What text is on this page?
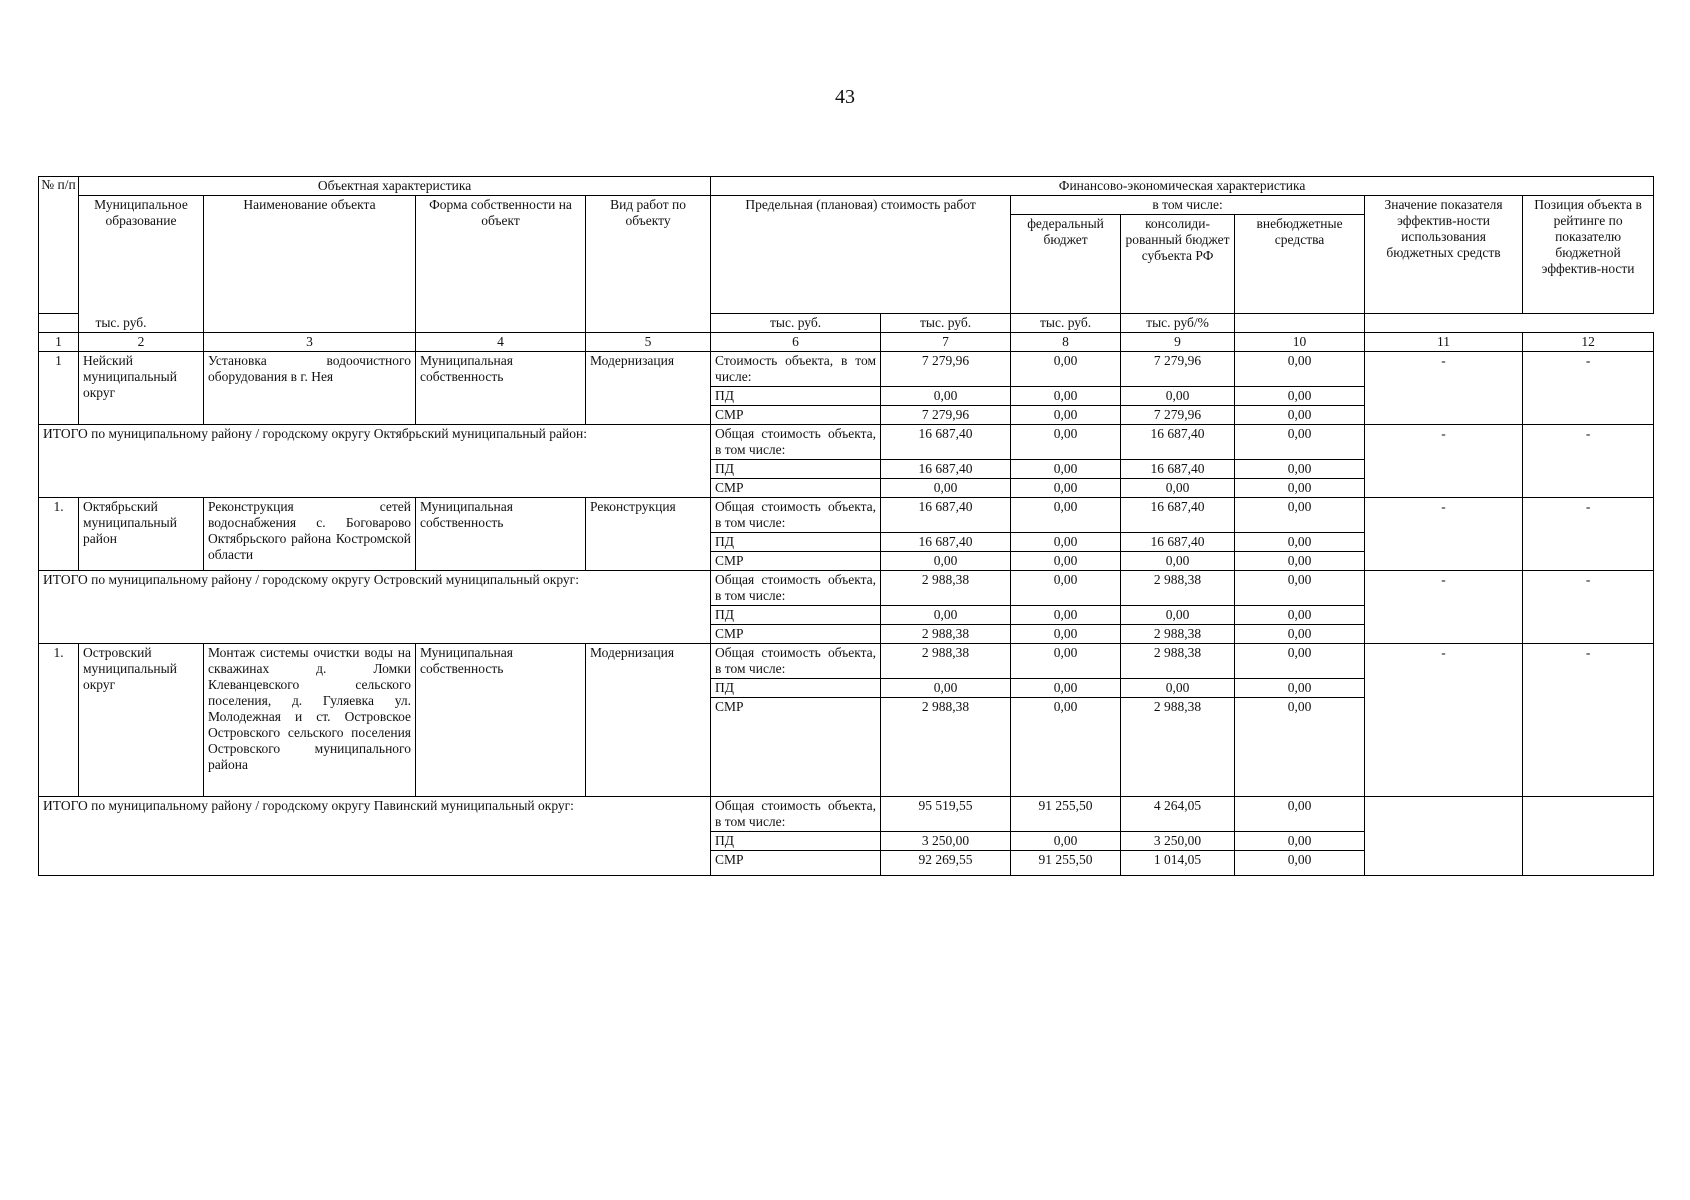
43
№ п/п	Объектная характеристика				Финансово-экономическая характеристика						
	Муниципальное образование	Наименование объекта	Форма собственности на объект	Вид работ по объекту	Предельная (плановая) стоимость работ		в том числе:			Значение показателя эффектив-ности использования бюджетных средств	Позиция объекта в рейтинге по показателю бюджетной эффектив-ности
							федеральный бюджет	консолиди-рованный бюджет субъекта РФ	внебюджетные средства		
тыс. руб.					тыс. руб.	тыс. руб.	тыс. руб.	тыс. руб/%			
1	2	3	4	5	6	7	8	9	10	11	12
1	Нейский муниципальный округ	Установка водоочистного оборудования в г. Нея	Муниципальная собственность	Модернизация	Стоимость объекта, в том числе:	7 279,96	0,00	7 279,96	0,00	-	-
					ПД	0,00	0,00	0,00	0,00		
					СМР	7 279,96	0,00	7 279,96	0,00		
ИТОГО по муниципальному району / городскому округу Октябрьский муниципальный район:					Общая стоимость объекта, в том числе:	16 687,40	0,00	16 687,40	0,00	-	-
					ПД	16 687,40	0,00	16 687,40	0,00		
					СМР	0,00	0,00	0,00	0,00		
1.	Октябрьский муниципальный район	Реконструкция сетей водоснабжения с. Боговарово Октябрьского района Костромской области	Муниципальная собственность	Реконструкция	Общая стоимость объекта, в том числе:	16 687,40	0,00	16 687,40	0,00	-	-
					ПД	16 687,40	0,00	16 687,40	0,00		
					СМР	0,00	0,00	0,00	0,00		
ИТОГО по муниципальному району / городскому округу Островский муниципальный округ:					Общая стоимость объекта, в том числе:	2 988,38	0,00	2 988,38	0,00	-	-
					ПД	0,00	0,00	0,00	0,00		
					СМР	2 988,38	0,00	2 988,38	0,00		
1.	Островский муниципальный округ	Монтаж системы очистки воды на скважинах д. Ломки Клеванцевского сельского поселения, д. Гуляевка ул. Молодежная и ст. Островское Островского сельского поселения Островского муниципального района	Муниципальная собственность	Модернизация	Общая стоимость объекта, в том числе:	2 988,38	0,00	2 988,38	0,00	-	-
					ПД	0,00	0,00	0,00	0,00		
					СМР	2 988,38	0,00	2 988,38	0,00		
ИТОГО по муниципальному району / городскому округу Павинский муниципальный округ:					Общая стоимость объекта, в том числе:	95 519,55	91 255,50	4 264,05	0,00		
					ПД	3 250,00	0,00	3 250,00	0,00		
					СМР	92 269,55	91 255,50	1 014,05	0,00		
